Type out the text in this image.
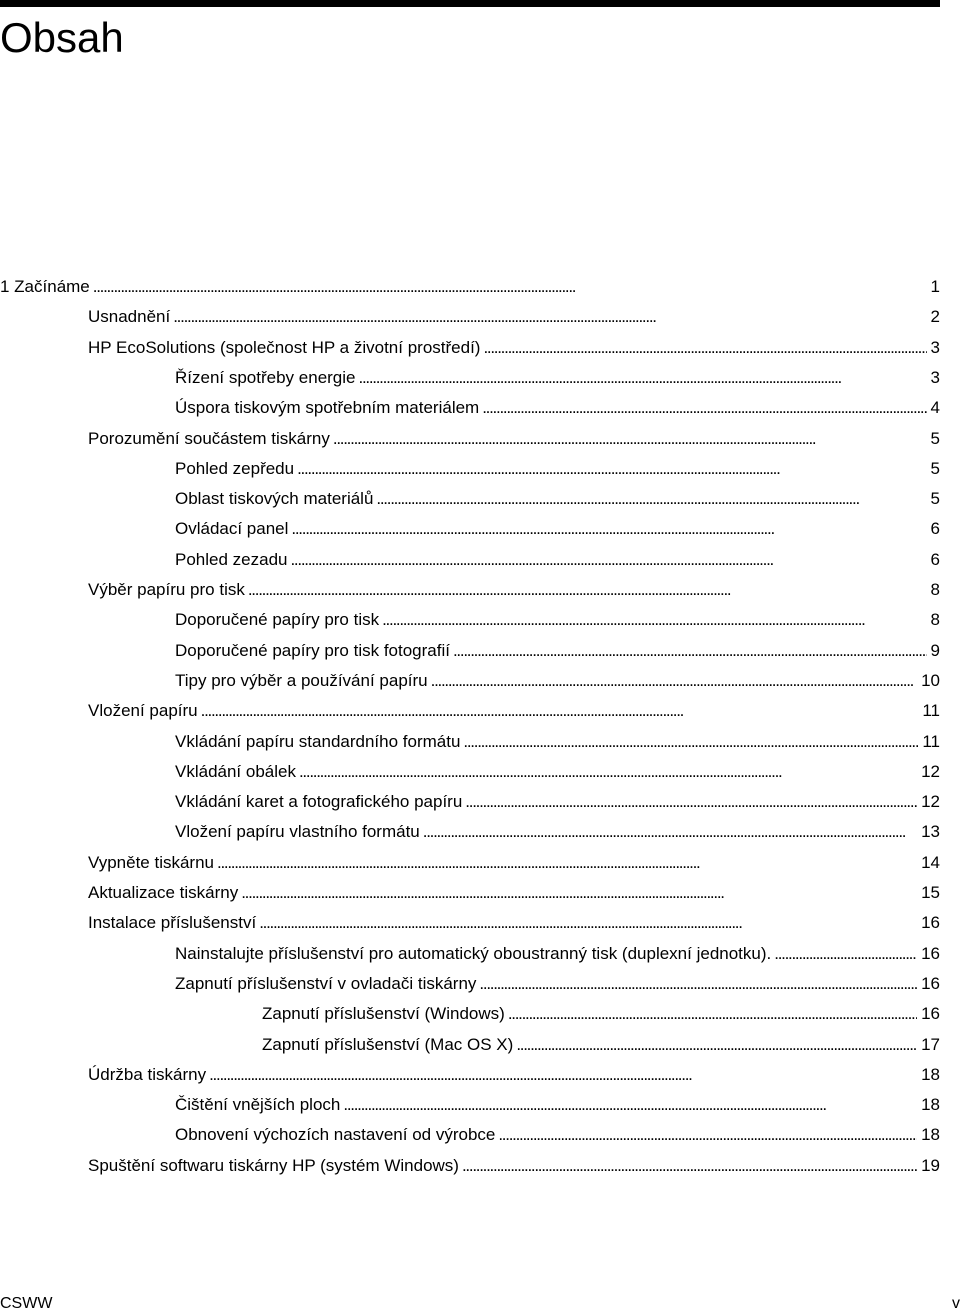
Obsah
1 Začínáme . . .	1
Usnadnění . . .	2
HP EcoSolutions (společnost HP a životní prostředí) . . .	3
Řízení spotřeby energie . . .	3
Úspora tiskovým spotřebním materiálem . . .	4
Porozumění součástem tiskárny . . .	5
Pohled zepředu . . .	5
Oblast tiskových materiálů . . .	5
Ovládací panel . . .	6
Pohled zezadu . . .	6
Výběr papíru pro tisk . . .	8
Doporučené papíry pro tisk . . .	8
Doporučené papíry pro tisk fotografií . . .	9
Tipy pro výběr a používání papíru . . .	10
Vložení papíru . . .	11
Vkládání papíru standardního formátu . . .	11
Vkládání obálek . . .	12
Vkládání karet a fotografického papíru . . .	12
Vložení papíru vlastního formátu . . .	13
Vypněte tiskárnu . . .	14
Aktualizace tiskárny . . .	15
Instalace příslušenství . . .	16
Nainstalujte příslušenství pro automatický oboustranný tisk (duplexní jednotku). . . .	16
Zapnutí příslušenství v ovladači tiskárny . . .	16
Zapnutí příslušenství (Windows) . . .	16
Zapnutí příslušenství (Mac OS X) . . .	17
Údržba tiskárny . . .	18
Čištění vnějších ploch . . .	18
Obnovení výchozích nastavení od výrobce . . .	18
Spuštění softwaru tiskárny HP (systém Windows) . . .	19
CSWW	v
